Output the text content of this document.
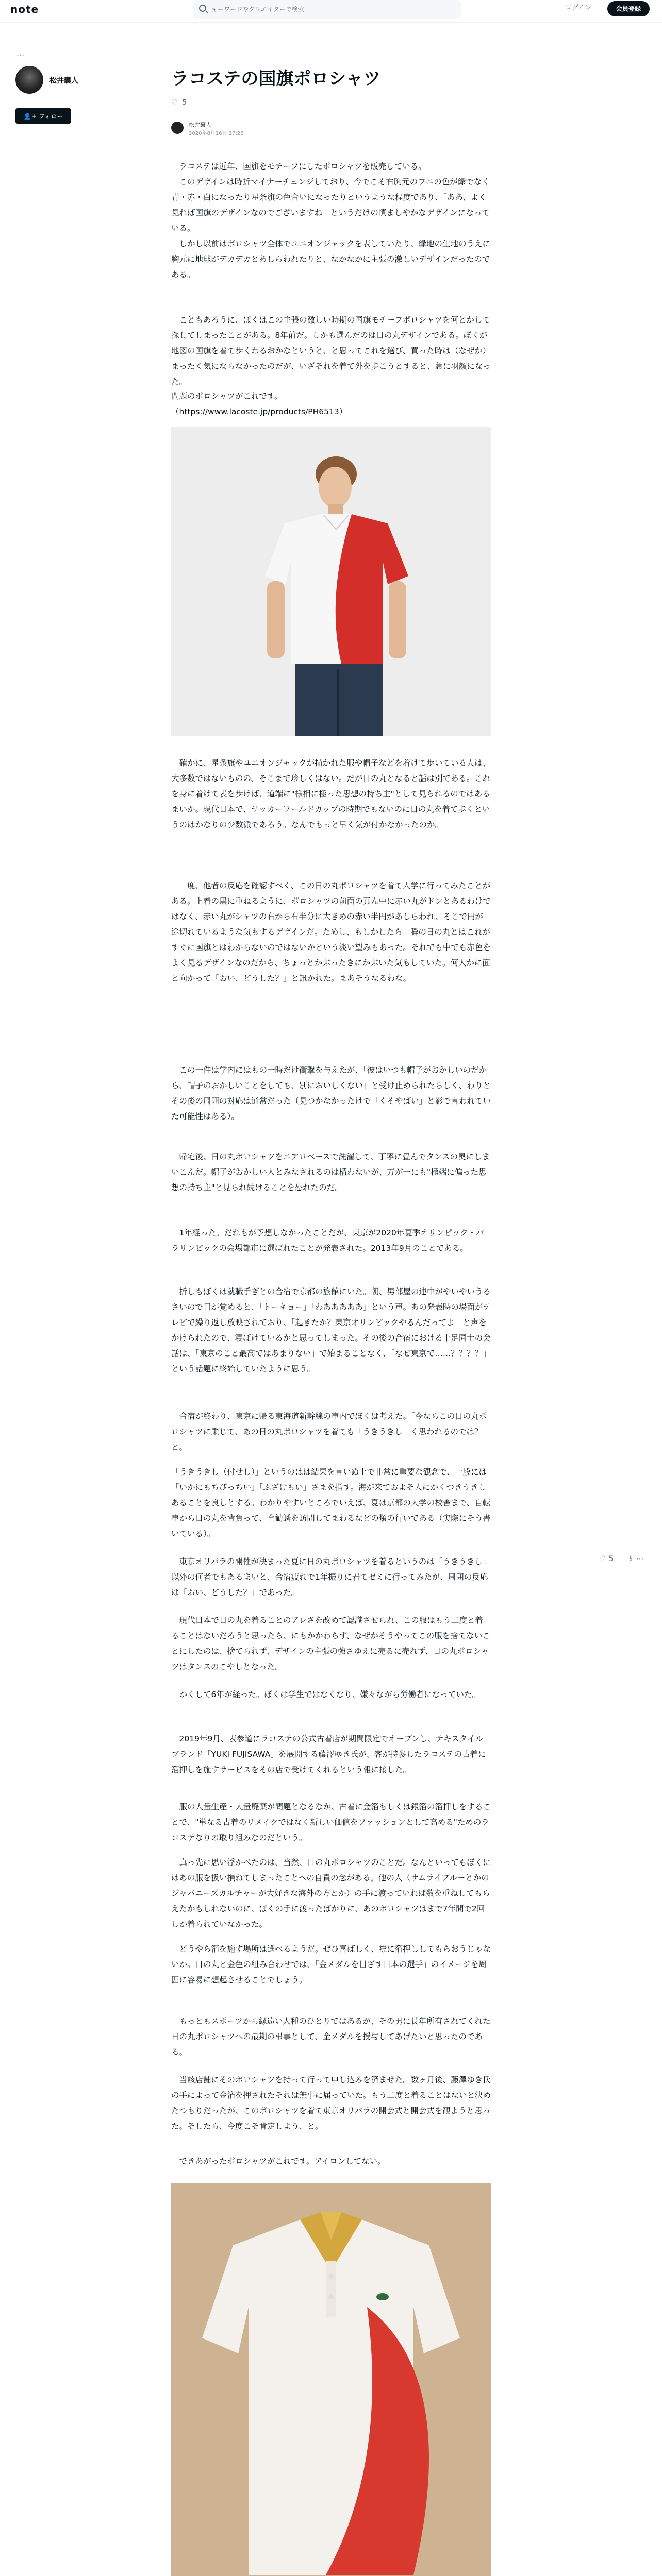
note
キーワードやクリエイターで検索	ログイン	会員登録
···
松井囊人
👤+ フォロー
ラコステの国旗ポロシャツ
♡ 5
松井囊人
2020年8月16日 17:26

　ラコステは近年、国旗をモチーフにしたポロシャツを販売している。
　このデザインは時折マイナーチェンジしており、今でこそ右胸元のワニの色が緑でなく青・赤・白になったり星条旗の色合いになったりというような程度であり、「ああ、よく見れば国旗のデザインなのでございますね」というだけの慎ましやかなデザインになっている。
　しかし以前はポロシャツ全体でユニオンジャックを表していたり、緑地の生地のうえに胸元に地球がデカデカとあしらわれたりと、なかなかに主張の激しいデザインだったのである。

　こともあろうに、ぼくはこの主張の激しい時期の国旗モチーフポロシャツを何とかして探してしまったことがある。8年前だ。しかも選んだのは日の丸デザインである。ぼくが地図の国旗を着て歩くわるおかなというと、と思ってこれを選び、買った時は（なぜか）まったく気にならなかったのだが、いざそれを着て外を歩こうとすると、急に羽顔になった。

問題のポロシャツがこれです。
（https://www.lacoste.jp/products/PH6513）

　確かに、星条旗やユニオンジャックが描かれた服や帽子などを着けて歩いている人は、大多数ではないものの、そこまで珍しくはない。だが日の丸となると話は別である。これを身に着けて表を歩けば、道端に"様相に極った思想の持ち主"として見られるのではあるまいか。現代日本で、サッカーワールドカップの時期でもないのに日の丸を着て歩くというのはかなりの少数派であろう。なんでもっと早く気が付かなかったのか。

　一度、他者の反応を確認すべく、この日の丸ポロシャツを着て大学に行ってみたことがある。上着の黒に重ねるように、ポロシャツの前面の真ん中に赤い丸がドンとあるわけではなく、赤い丸がシャツの右から右半分に大きめの赤い半円があしらわれ、そこで円が途切れているような気もするデザインだ。ためし、もしかしたら一瞬の日の丸とはこれがすぐに国旗とはわからないのではないかという淡い望みもあった。それでも中でも赤色をよく見るデザインなのだから、ちょっとかぶったきにかぶいた気もしていた。何人かに面と向かって「おい、どうした？」と訊かれた。まあそうなるわな。

　この一件は学内にはもの一時だけ衝撃を与えたが、「彼はいつも帽子がおかしいのだから、帽子のおかしいことをしても、別においしくない」と受け止められたらしく、わりとその後の周囲の対応は通常だった（見つかなかったけで「くそやばい」と影で言われていた可能性はある）。

　帰宅後、日の丸ポロシャツをエアロベースで洗濯して、丁寧に畳んでタンスの奥にしまいこんだ。帽子がおかしい人とみなされるのは構わないが、万が一にも"極端に偏った思想の持ち主"と見られ続けることを恐れたのだ。

　1年経った。だれもが予想しなかったことだが、東京が2020年夏季オリンピック・パラリンピックの会場都市に選ばれたことが発表された。2013年9月のことである。

　折しもぼくは就職手ぎとの合宿で京都の旅館にいた。朝、男部屋の連中がやいやいうるさいので目が覚めると、「トーキョー」「わあああああ」という声。あの発表時の場面がテレビで繰り返し放映されており、「起きたか？東京オリンピックやるんだってよ」と声をかけられたので、寝ぼけているかと思ってしまった。その後の合宿における十足同士の会話は、「東京のこと最高ではあまりない」で始まることなく、「なぜ東京で……？？？？」という話題に終始していたように思う。

　合宿が終わり、東京に帰る東海道新幹線の車内でぼくは考えた。「今ならこの日の丸ポロシャツに乗じて、あの日の丸ポロシャツを着ても「うきうきし」く思われるのでは？」と。

「うきうきし（付せし）」というのはは結果を言いぬ上で非常に重要な観念で、一般には「いかにもちびっちい」「ふざけもい」さまを指す。海が来ておよそ人にかくつきうきしあることを良しとする。わかりやすいところでいえば、夏は京都の大学の校舎まで、自転車から日の丸を背負って、全勧誘を訪問してまわるなどの類の行いである（実際にそう書いている）。

　東京オリパラの開催が決まった夏に日の丸ポロシャツを着るというのは「うきうきし」以外の何者でもあるまいと、合宿疲れで1年振りに着てゼミに行ってみたが、周囲の反応は「おい、どうした？」であった。

　現代日本で日の丸を着ることのアレさを改めて認識させられ、この服はもう二度と着ることはないだろうと思ったら、にもかかわらず、なぜかそうやってこの服を捨てないことにしたのは、捨てられず、デザインの主張の強さゆえに売るに売れず、日の丸ポロシャツはタンスのこやしとなった。

　かくして6年が経った。ぼくは学生ではなくなり、嫌々ながら労働者になっていた。

　2019年9月、表参道にラコステの公式古着店が期間限定でオープンし、テキスタイルブランド「YUKI FUJISAWA」を展開する藤澤ゆき氏が、客が持参したラコステの古着に箔押しを施すサービスをその店で受けてくれるという報に接した。

　服の大量生産・大量廃棄が問題となるなか、古着に金箔もしくは銀箔の箔押しをすることで、"単なる古着のリメイクではなく新しい価値をファッションとして高める"ためのラコステなりの取り組みなのだという。

　真っ先に思い浮かべたのは、当然、日の丸ポロシャツのことだ。なんといってもぼくにはあの服を扱い損ねてしまったことへの自責の念がある。他の人（サムライブルーとかのジャパニーズカルチャーが大好きな海外の方とか）の手に渡っていれば数を重ねしてもらえたかもしれないのに、ぼくの手に渡ったばかりに、あのポロシャツはまで7年間で2回しか着られていなかった。

　どうやら箔を施す場所は選べるようだ。ぜひ喜ばしく、襟に箔押ししてもらおうじゃないか。日の丸と金色の組み合わせでは、「金メダルを目ざす日本の選手」のイメージを周囲に容易に想起させることでしょう。

　もっともスポーツから縁遠い人種のひとりではあるが、その男に長年所有されてくれた日の丸ポロシャツへの最期の弔事として、金メダルを授与してあげたいと思ったのである。

　当該店舗にそのポロシャツを持って行って申し込みを済ませた。数ヶ月後、藤澤ゆき氏の手によって金箔を押されたそれは無事に届っていた。もう二度と着ることはないと決めたつもりだったが、このポロシャツを着て東京オリパラの開会式と開会式を観ようと思った。そしたら、今度こそ肯定しよう、と。

　できあがったポロシャツがこれです。アイロンしてない。

♡ 5 ⇪ ⋯
